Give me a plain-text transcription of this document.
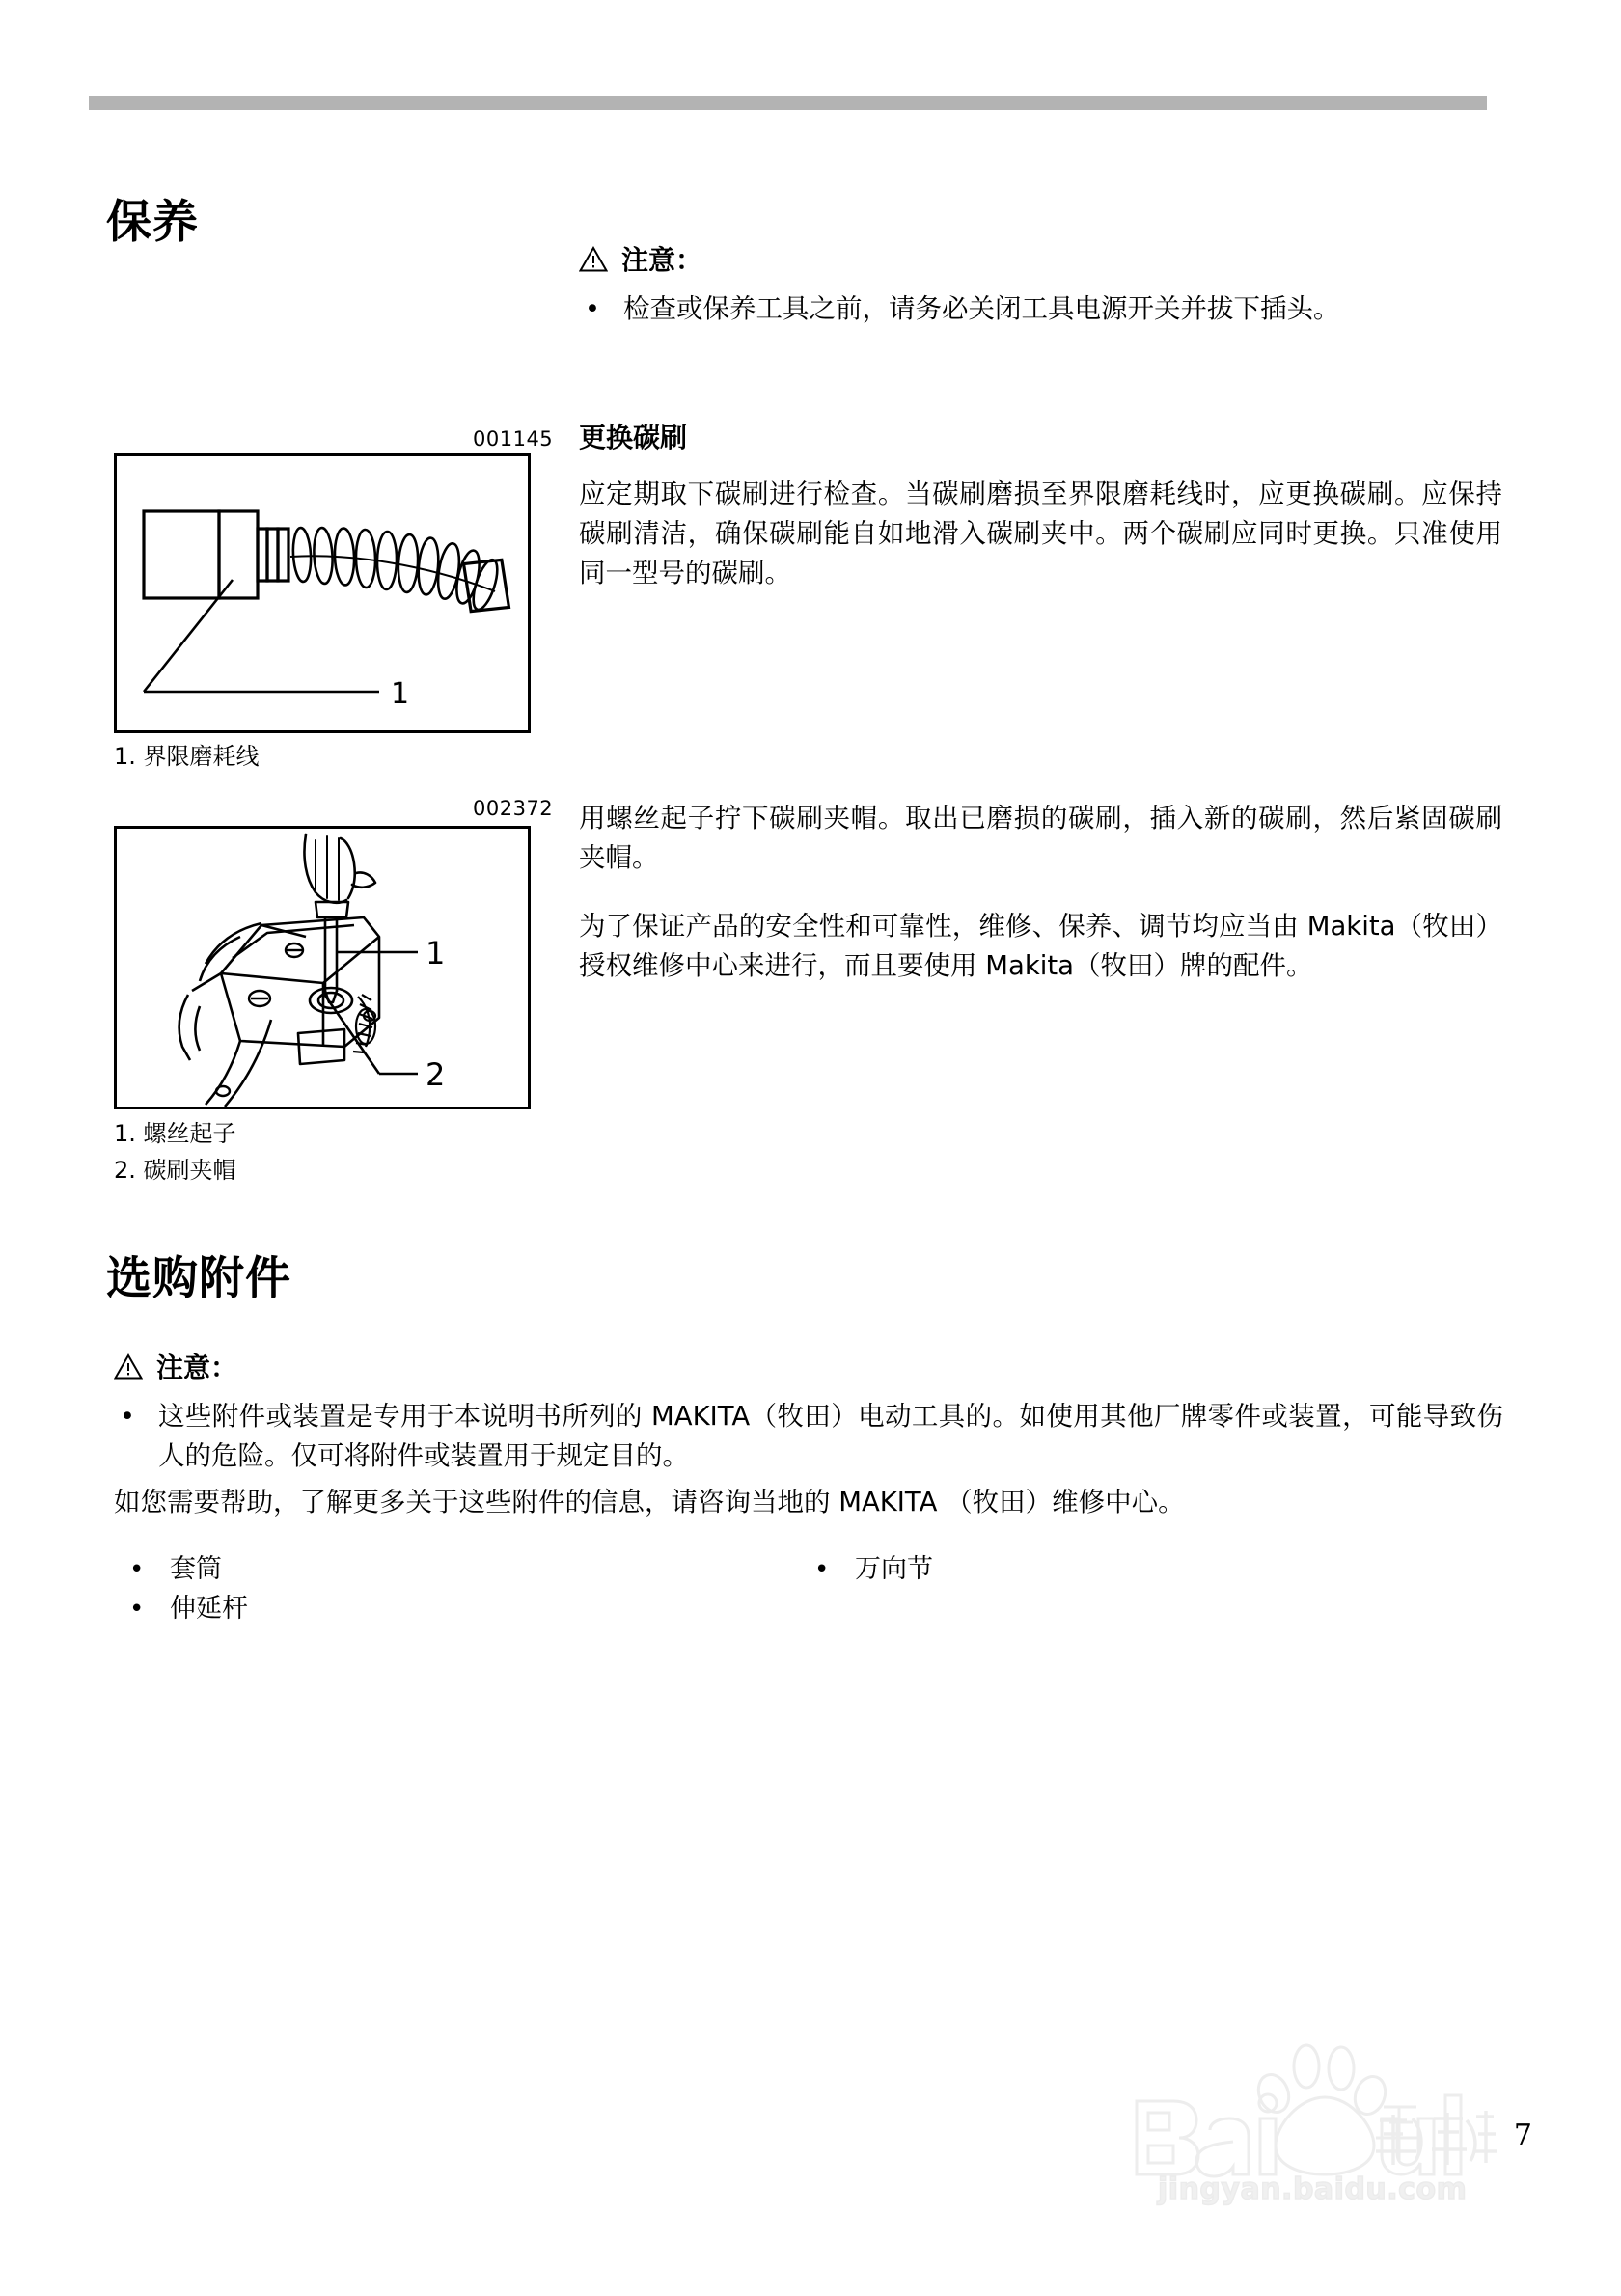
保养
注意：
• 检查或保养工具之前，请务必关闭工具电源开关并拔下插头。
更换碳刷
应定期取下碳刷进行检查。当碳刷磨损至界限磨耗线时，应更换碳刷。应保持碳刷清洁，确保碳刷能自如地滑入碳刷夹中。两个碳刷应同时更换。只准使用同一型号的碳刷。
001145
1
1. 界限磨耗线
002372
1
2
1. 螺丝起子
2. 碳刷夹帽
用螺丝起子拧下碳刷夹帽。取出已磨损的碳刷，插入新的碳刷，然后紧固碳刷夹帽。
为了保证产品的安全性和可靠性，维修、保养、调节均应当由 Makita（牧田）授权维修中心来进行，而且要使用 Makita（牧田）牌的配件。
选购附件
注意：
• 这些附件或装置是专用于本说明书所列的 MAKITA（牧田）电动工具的。如使用其他厂牌零件或装置，可能导致伤人的危险。仅可将附件或装置用于规定目的。
如您需要帮助，了解更多关于这些附件的信息，请咨询当地的 MAKITA （牧田）维修中心。
• 套筒
• 伸延杆
• 万向节
jingyan.baidu.com
7
